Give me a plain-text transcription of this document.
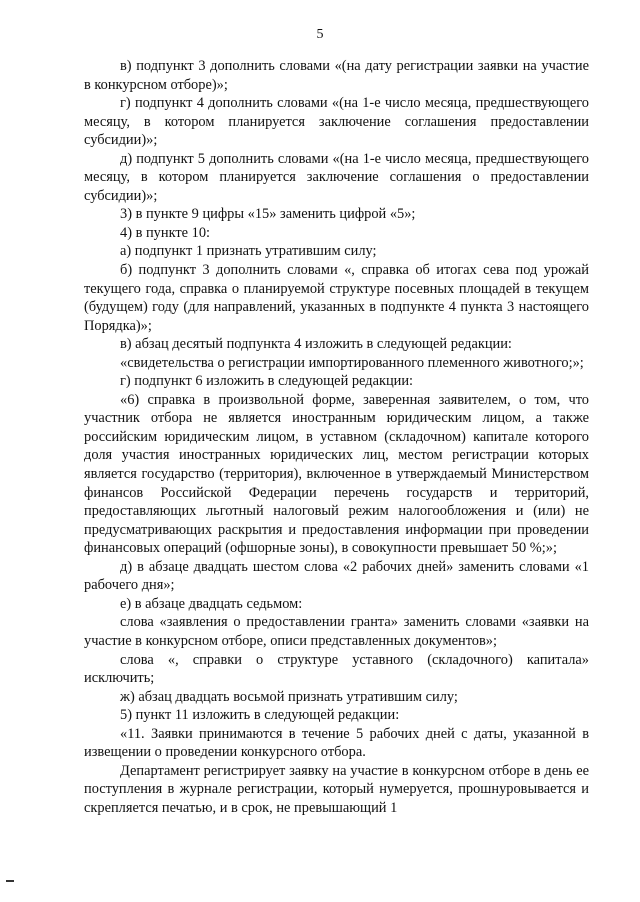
5

в) подпункт 3 дополнить словами «(на дату регистрации заявки на участие в конкурсном отборе)»;

г) подпункт 4 дополнить словами «(на 1-е число месяца, предшествующего месяцу, в котором планируется заключение соглашения предоставлении субсидии)»;

д) подпункт 5 дополнить словами «(на 1-е число месяца, предшествующего месяцу, в котором планируется заключение соглашения о предоставлении субсидии)»;

3) в пункте 9 цифры «15» заменить цифрой «5»;

4) в пункте 10:

а) подпункт 1 признать утратившим силу;

б) подпункт 3 дополнить словами «, справка об итогах сева под урожай текущего года, справка о планируемой структуре посевных площадей в текущем (будущем) году (для направлений, указанных в подпункте 4 пункта 3 настоящего Порядка)»;

в) абзац десятый подпункта 4 изложить в следующей редакции:

«свидетельства о регистрации импортированного племенного животного;»;

г) подпункт 6 изложить в следующей редакции:

«6) справка в произвольной форме, заверенная заявителем, о том, что участник отбора не является иностранным юридическим лицом, а также российским юридическим лицом, в уставном (складочном) капитале которого доля участия иностранных юридических лиц, местом регистрации которых является государство (территория), включенное в утверждаемый Министерством финансов Российской Федерации перечень государств и территорий, предоставляющих льготный налоговый режим налогообложения и (или) не предусматривающих раскрытия и предоставления информации при проведении финансовых операций (офшорные зоны), в совокупности превышает 50 %;»;

д) в абзаце двадцать шестом слова «2 рабочих дней» заменить словами «1 рабочего дня»;

е) в абзаце двадцать седьмом:

слова «заявления о предоставлении гранта» заменить словами «заявки на участие в конкурсном отборе, описи представленных документов»;

слова «, справки о структуре уставного (складочного) капитала» исключить;

ж) абзац двадцать восьмой признать утратившим силу;

5) пункт 11 изложить в следующей редакции:

«11. Заявки принимаются в течение 5 рабочих дней с даты, указанной в извещении о проведении конкурсного отбора.

Департамент регистрирует заявку на участие в конкурсном отборе в день ее поступления в журнале регистрации, который нумеруется, прошнуровывается и скрепляется печатью, и в срок, не превышающий 1
